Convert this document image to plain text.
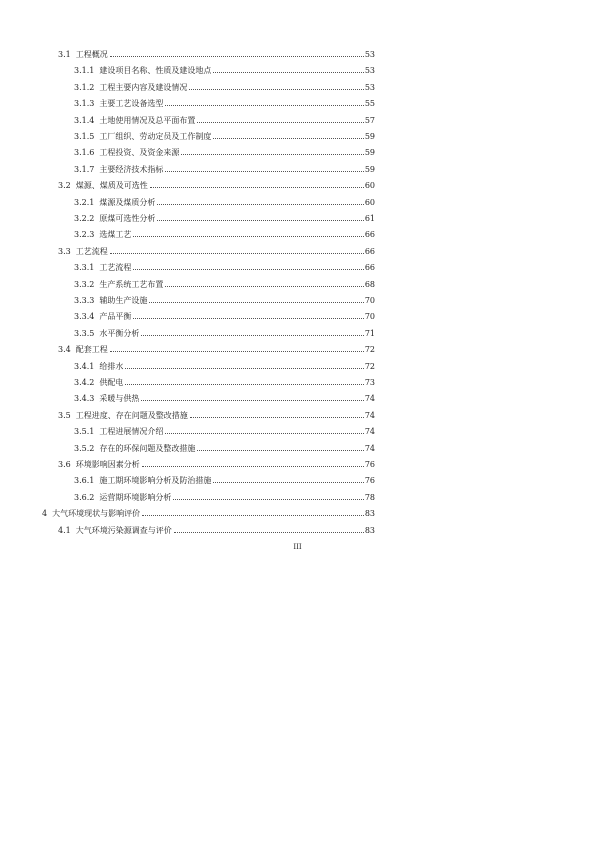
3.1 工程概况	53
3.1.1 建设项目名称、性质及建设地点	53
3.1.2 工程主要内容及建设情况	53
3.1.3 主要工艺设备选型	55
3.1.4 土地使用情况及总平面布置	57
3.1.5 工厂组织、劳动定员及工作制度	59
3.1.6 工程投资、及资金来源	59
3.1.7 主要经济技术指标	59
3.2 煤源、煤质及可选性	60
3.2.1 煤源及煤质分析	60
3.2.2 原煤可选性分析	61
3.2.3 选煤工艺	66
3.3 工艺流程	66
3.3.1 工艺流程	66
3.3.2 生产系统工艺布置	68
3.3.3 辅助生产设施	70
3.3.4 产品平衡	70
3.3.5 水平衡分析	71
3.4 配套工程	72
3.4.1 给排水	72
3.4.2 供配电	73
3.4.3 采暖与供热	74
3.5 工程进度、存在问题及整改措施	74
3.5.1 工程进展情况介绍	74
3.5.2 存在的环保问题及整改措施	74
3.6 环境影响因素分析	76
3.6.1 施工期环境影响分析及防治措施	76
3.6.2 运营期环境影响分析	78
4 大气环境现状与影响评价	83
4.1 大气环境污染源调查与评价	83
III
